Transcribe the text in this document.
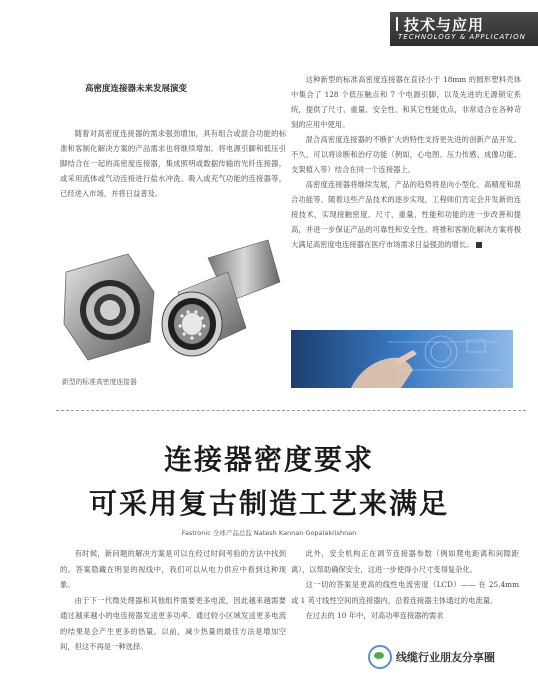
技术与应用
TECHNOLOGY & APPLICATION
高密度连接器未来发展演变

随着对高密度连接器的需求强劲增加，具有组合或混合功能的标准和客制化解决方案的产品需求也将继续增加。将电源引脚和低压引脚结合在一起的高密度连接器，集成照明或数据传输的光纤连接器，或采用流体或气动连接进行盐水冲洗、吸入或充气功能的连接器等，已经进入市场，并将日益普及。

这种新型的标准高密度连接器在直径小于 18mm 的圆形塑料壳体中集合了 128 个低压触点和 7 个电源引脚，以及先进的无源锁定系统，提供了尺寸、重量、安全性、和其它性能优点，非常适合在各种苛刻的应用中使用。

混合高密度连接器的不断扩大的特性支持更先进的创新产品开发。不久，可以将诊断和治疗功能（例如，心电图、压力传感、成像功能、支架植入等）结合在同一个连接器上。

高密度连接器将继续发展，产品的趋势将是向小型化、高精度和混合功能等，随着这些产品技术的逐步实现，工程师们肯定会开发新的连接技术，实现接触密度、尺寸、重量、性能和功能的进一步改善和提高，并进一步保证产品的可靠性和安全性。将推和客制化解决方案将极大满足高密度电连接器在医疗市场需求日益强劲的增长。

新型的标准高密度连接器
连接器密度要求
可采用复古制造工艺来满足
Fastronic 全球产品总监 Natesh Kannan Gopalakrishnan

有时候，新问题的解决方案是可以在经过时间考验的方法中找到的。答案隐藏在明显的视线中，我们可以从电力供应中看到这种现象。

由于下一代微处理器和其他组件需要更多电流，因此越来越需要通过越来越小的电连接器发送更多功率。通过较小区域发送更多电流的结果是会产生更多的热量。以前，减少热量的最佳方法是增加空间，但这不再是一种选择。

此外，安全机构正在调节连接器参数（例如爬电距离和间隙距离），以帮助确保安全，这进一步使得小尺寸变得复杂化。

这一切的答案是更高的线性电流密度（LCD）—— 在 25.4mm 或 1 英寸线性空间的连接器内，沿着连接器主体通过的电流量。

在过去的 10 年中，对高功率连接器的需求

线缆行业朋友分享圈
